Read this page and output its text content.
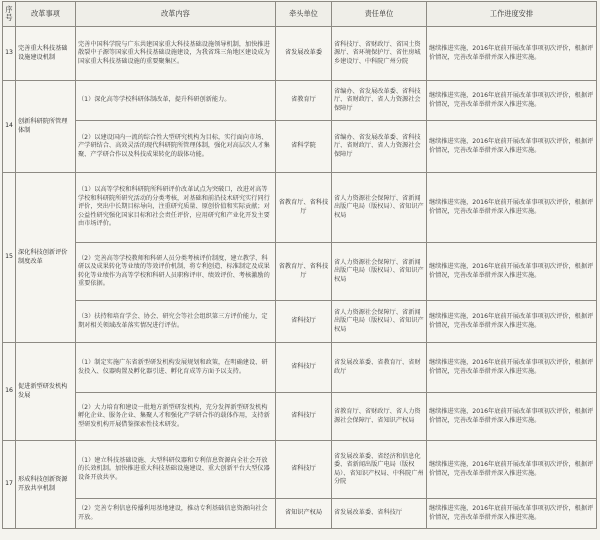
序号	改革事项	改革内容	牵头单位	责任单位	工作进度安排
13	完善重大科技基础设施建设机制	完善中国科学院与广东共建国家重大科技基础设施领导机制，加快推进散裂中子源等国家重大科技基础设施建设，为我省珠三角地区建设成为国家重大科技基础设施的重要聚集区。	省发展改革委	省科技厅、省财政厅、省国土资源厅、省环境保护厅、省住房城乡建设厅、中科院广州分院	继续推进实施，2016年底前开展改革事项初次评价，根据评价情况，完善改革举措并深入推进实施。
14	创新科研院所管理体制	（1）深化高等学校科研体制改革，提升科研创新能力。	省教育厅	省编办、省发展改革委、省科技厅、省财政厅、省人力资源社会保障厅	继续推进实施，2016年底前开展改革事项初次评价，根据评价情况，完善改革举措并深入推进实施。
		（2）以建设国内一流的综合性大型研究机构为目标，实行面向市场、产学研结合、高效灵活的现代科研院所管理体制，强化对高层次人才集聚、产学研合作以及科技成果转化的载体功能。	省科学院	省编办、省发展改革委、省科技厅、省财政厅、省人力资源社会保障厅	继续推进实施，2016年底前开展改革事项初次评价，根据评价情况，完善改革举措并深入推进实施。
15	深化科技创新评价制度改革	（1）以高等学校和科研院所科研评价改革试点为突破口，改进对高等学校和科研院所研究活动的分类考核，对基础和前沿技术研究实行同行评价，突出中长期目标导向，注重研究质量、原创价值和实际贡献；对公益性研究强化国家目标和社会责任评价，应用研究和产业化开发主要由市场评价。	省教育厅、省科技厅	省人力资源社会保障厅、省新闻出版广电局（版权局）、省知识产权局	继续推进实施，2016年底前开展改革事项初次评价，根据评价情况，完善改革举措并深入推进实施。
		（2）完善高等学校教师和科研人员分类考核评价制度，建立教学、科研以及成果转化等业绩的等效评价机制，将专利创造、标准制定及成果转化等业绩作为高等学校和科研人员职称评审、绩效评价、考核激励的重要依据。	省教育厅、省科技厅	省人力资源社会保障厅、省新闻出版广电局（版权局）、省知识产权局	继续推进实施，2016年底前开展改革事项初次评价，根据评价情况，完善改革举措并深入推进实施。
		（3）扶持和培育学会、协会、研究会等社会组织第三方评价能力，定期对相关领域改革落实情况进行评估。	省科技厅	省人力资源社会保障厅、省新闻出版广电局（版权局）、省知识产权局	继续推进实施，2016年底前开展改革事项初次评价，根据评价情况，完善改革举措并深入推进实施。
16	促进新型研发机构发展	（1）制定实施广东省新型研发机构发展规划和政策，在明确建设、研发投入、仪器购置及孵化器引进、孵化育成等方面予以支持。	省科技厅	省发展改革委、省教育厅、省财政厅	继续推进实施，2016年底前开展改革事项初次评价，根据评价情况，完善改革举措并深入推进实施。
		（2）大力培育和建设一批地方新型研发机构，充分发挥新型研发机构孵化企业、服务企业、集聚人才和强化产学研合作的载体作用，支持新型研发机构开展借鉴探索性技术研发。	省科技厅	省教育厅、省财政厅、省人力资源社会保障厅、省知识产权局	继续推进实施，2016年底前开展改革事项初次评价，根据评价情况，完善改革举措并深入推进实施。
17	形成科技创新资源开放共享机制	（1）建立科技基础设施、大型科研仪器和专利信息资源向全社会开放的长效机制。加快推进重大科技基础设施建设、重大创新平台大型仪器设备开放共享。	省科技厅	省发展改革委、省经济和信息化委、省新闻出版广电局（版权局）、省知识产权局、中科院广州分院	继续推进实施，2016年底前开展改革事项初次评价，根据评价情况，完善改革举措并深入推进实施。
		（2）完善专利信息传播利用基地建设，推动专利基础信息资源向社会开放。	省知识产权局	省发展改革委、省科技厅	继续推进实施，2016年底前开展改革事项初次评价，根据评价情况，完善改革举措并深入推进实施。
